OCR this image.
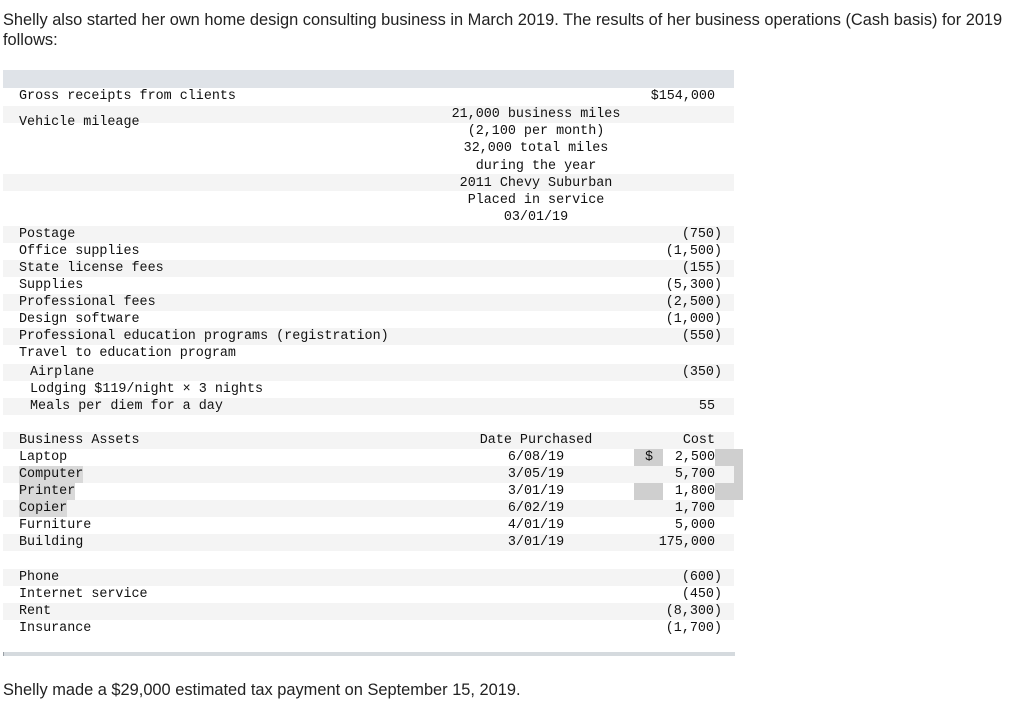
Shelly also started her own home design consulting business in March 2019. The results of her business operations (Cash basis) for 2019 follows:
Gross receipts from clients	$154,000
Vehicle mileage
21,000 business miles
(2,100 per month)
32,000 total miles
during the year
2011 Chevy Suburban
Placed in service
03/01/19
Postage	(750)
Office supplies	(1,500)
State license fees	(155)
Supplies	(5,300)
Professional fees	(2,500)
Design software	(1,000)
Professional education programs (registration)	(550)
Travel to education program
Airplane	(350)
Lodging $119/night × 3 nights
Meals per diem for a day	55
Business Assets	Date Purchased	Cost
Laptop	6/08/19	$	2,500
Computer	3/05/19	5,700
Printer	3/01/19	1,800
Copier	6/02/19	1,700
Furniture	4/01/19	5,000
Building	3/01/19	175,000
Phone	(600)
Internet service	(450)
Rent	(8,300)
Insurance	(1,700)
Shelly made a $29,000 estimated tax payment on September 15, 2019.
